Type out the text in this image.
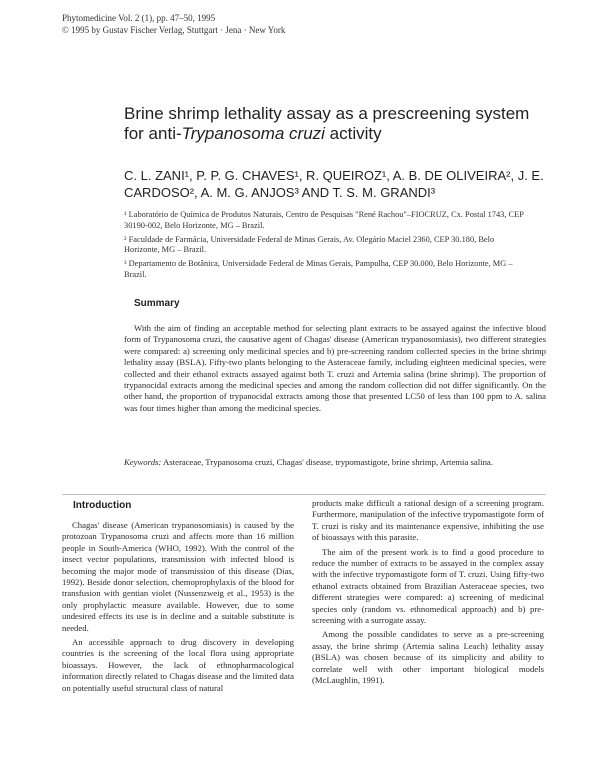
Phytomedicine Vol. 2 (1), pp. 47–50, 1995
© 1995 by Gustav Fischer Verlag, Stuttgart · Jena · New York
Brine shrimp lethality assay as a prescreening system
for anti-Trypanosoma cruzi activity
C. L. ZANI¹, P. P. G. CHAVES¹, R. QUEIROZ¹, A. B. DE OLIVEIRA², J. E.
CARDOSO², A. M. G. ANJOS³ AND T. S. M. GRANDI³
¹ Laboratório de Química de Produtos Naturais, Centro de Pesquisas "René Rachou"–FIOCRUZ, Cx. Postal 1743, CEP 30190-002, Belo Horizonte, MG – Brazil.
² Faculdade de Farmácia, Universidade Federal de Minas Gerais, Av. Olegário Maciel 2360, CEP 30.180, Belo Horizonte, MG – Brazil.
³ Departamento de Botânica, Universidade Federal de Minas Gerais, Pampulha, CEP 30.000, Belo Horizonte, MG – Brazil.
Summary

With the aim of finding an acceptable method for selecting plant extracts to be assayed against the infective blood form of Trypanosoma cruzi, the causative agent of Chagas' disease (American trypanosomiasis), two different strategies were compared: a) screening only medicinal species and b) pre-screening random collected species in the brine shrimp lethality assay (BSLA). Fifty-two plants belonging to the Asteraceae family, including eighteen medicinal species, were collected and their ethanol extracts assayed against both T. cruzi and Artemia salina (brine shrimp). The proportion of trypanocidal extracts among the medicinal species and among the random collection did not differ significantly. On the other hand, the proportion of trypanocidal extracts among those that presented LC50 of less than 100 ppm to A. salina was four times higher than among the medicinal species.

Keywords: Asteraceae, Trypanosoma cruzi, Chagas' disease, trypomastigote, brine shrimp, Artemia salina.

Introduction

Chagas' disease (American trypanosomiasis) is caused by the protozoan Trypanosoma cruzi and affects more than 16 million people in South-America (WHO, 1992). With the control of the insect vector populations, transmission with infected blood is becoming the major mode of transmission of this disease (Dias, 1992). Beside donor selection, chemoprophylaxis of the blood for transfusion with gentian violet (Nussenzweig et al., 1953) is the only prophylactic measure available. However, due to some undesired effects its use is in decline and a suitable substitute is needed.

An accessible approach to drug discovery in developing countries is the screening of the local flora using appropriate bioassays. However, the lack of ethnopharmacological information directly related to Chagas disease and the limited data on potentially useful structural class of natural

products make difficult a rational design of a screening program. Furthermore, manipulation of the infective trypomastigote form of T. cruzi is risky and its maintenance expensive, inhibiting the use of bioassays with this parasite.

The aim of the present work is to find a good procedure to reduce the number of extracts to be assayed in the complex assay with the infective trypomastigote form of T. cruzi. Using fifty-two ethanol extracts obtained from Brazilian Asteraceae species, two different strategies were compared: a) screening of medicinal species only (random vs. ethnomedical approach) and b) pre-screening with a surrogate assay.

Among the possible candidates to serve as a pre-screening assay, the brine shrimp (Artemia salina Leach) lethality assay (BSLA) was chosen because of its simplicity and ability to correlate well with other important biological models (McLaughlin, 1991).
